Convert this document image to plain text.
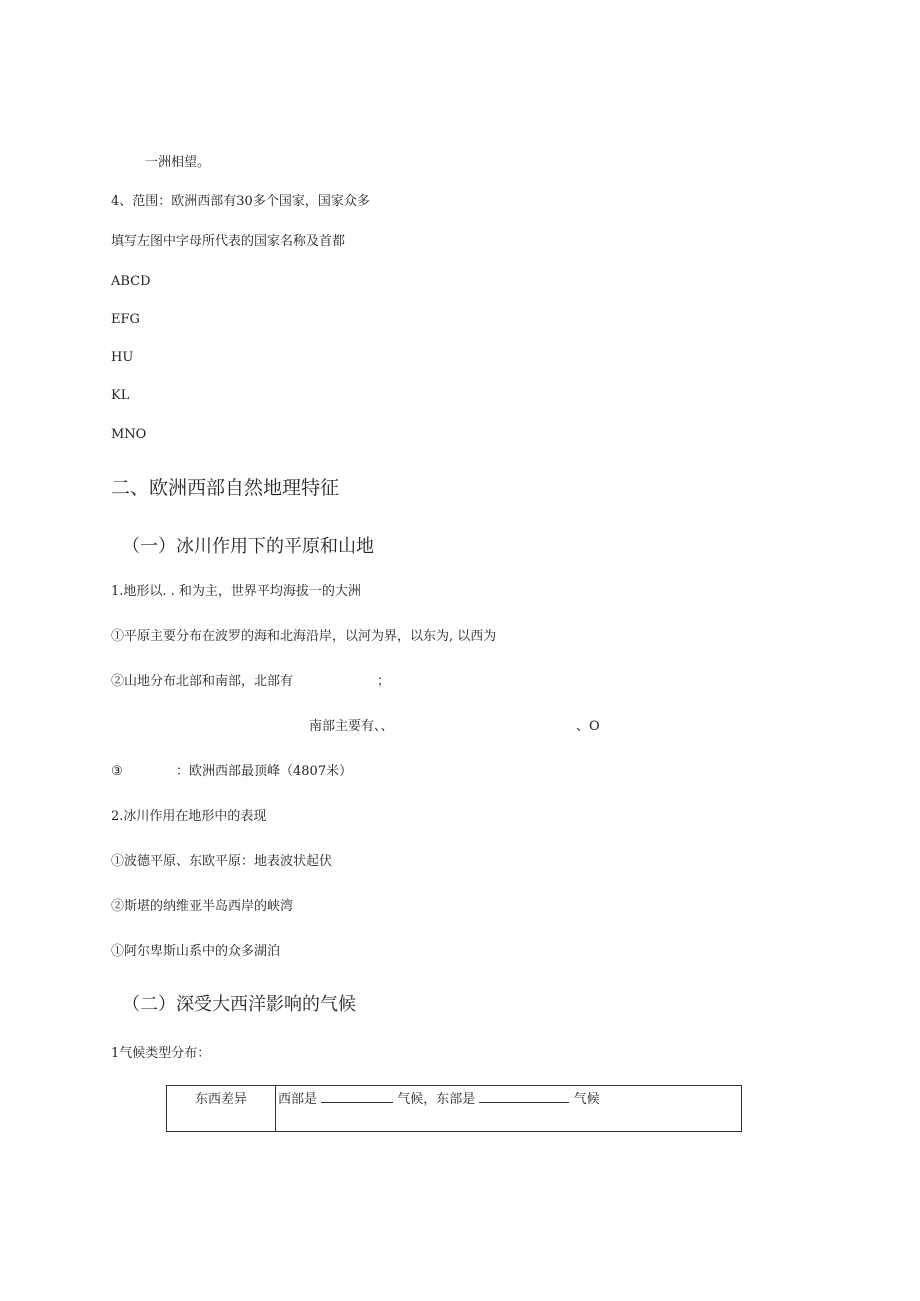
一洲相望。
4、范围：欧洲西部有30多个国家，国家众多
填写左图中字母所代表的国家名称及首都
ABCD
EFG
HU
KL
MNO
二、欧洲西部自然地理特征
（一）冰川作用下的平原和山地
1.地形以. . 和为主，世界平均海拔一的大洲
①平原主要分布在波罗的海和北海沿岸，以河为界，以东为, 以西为
②山地分布北部和南部，北部有	；
南部主要有、、	、O
③	：欧洲西部最顶峰（4807米）
2.冰川作用在地形中的表现
①波德平原、东欧平原：地表波状起伏
②斯堪的纳维亚半岛西岸的峡湾
①阿尔卑斯山系中的众多湖泊
（二）深受大西洋影响的气候
1气候类型分布：
东西差异	西部是	气候，东部是	气候
